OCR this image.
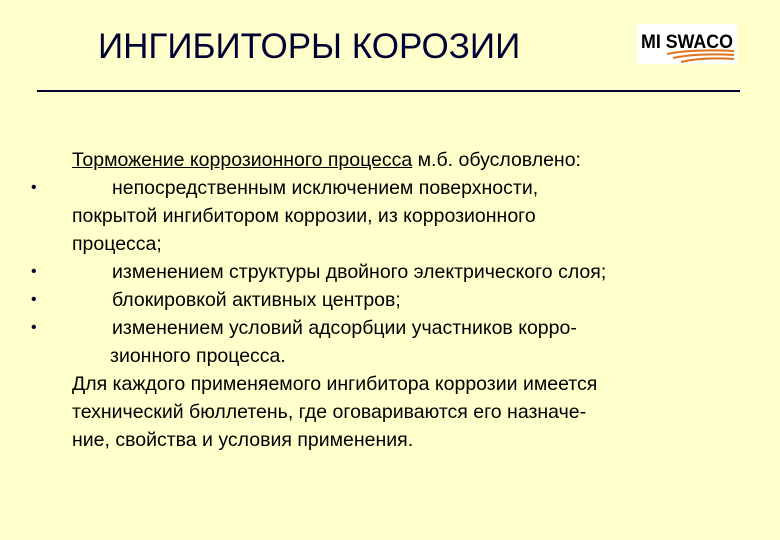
ИНГИБИТОРЫ КОРОЗИИ	MI SWACO
Торможение коррозионного процесса м.б. обусловлено:
•	непосредственным исключением поверхности,
покрытой ингибитором коррозии, из коррозионного
процесса;
•	изменением структуры двойного электрического слоя;
•	блокировкой активных центров;
•	изменением условий адсорбции участников корро-
зионного процесса.
Для каждого применяемого ингибитора коррозии имеется
технический бюллетень, где оговариваются его назначе-
ние, свойства и условия применения.
